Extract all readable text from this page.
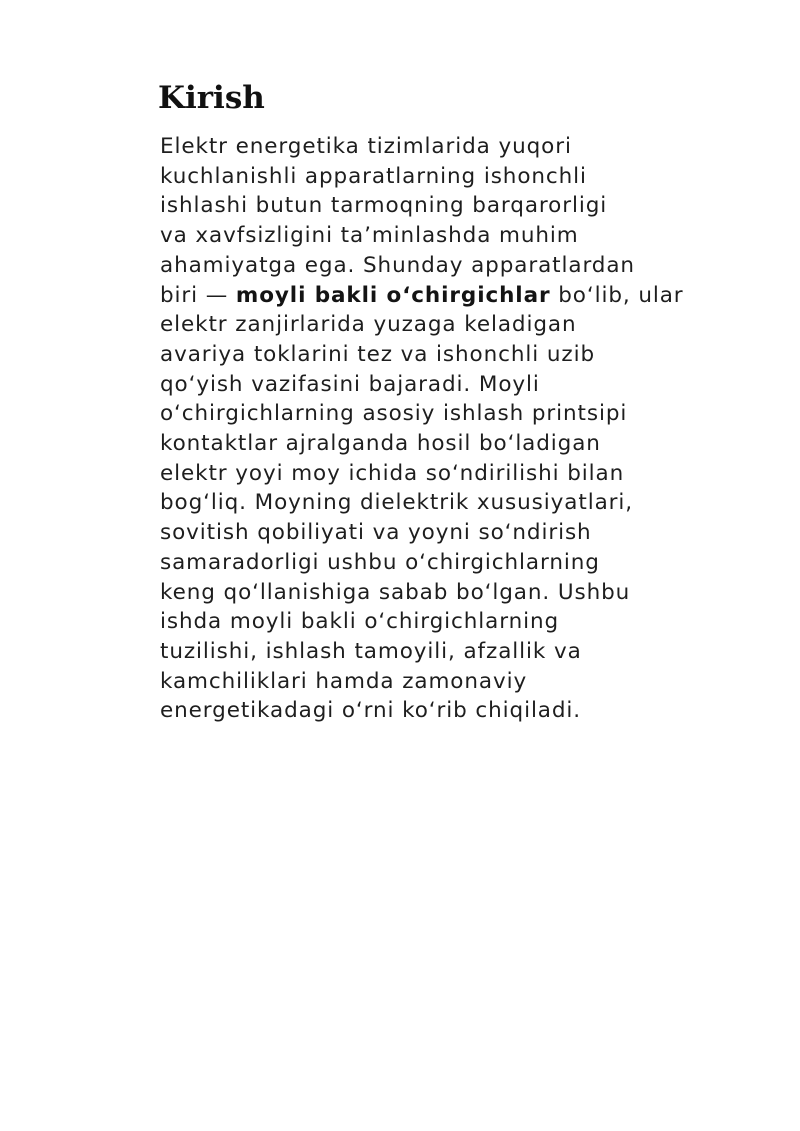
Kirish

Elektr energetika tizimlarida yuqori
kuchlanishli apparatlarning ishonchli
ishlashi butun tarmoqning barqarorligi
va xavfsizligini ta’minlashda muhim
ahamiyatga ega. Shunday apparatlardan
biri — moyli bakli o‘chirgichlar bo‘lib, ular
elektr zanjirlarida yuzaga keladigan
avariya toklarini tez va ishonchli uzib
qo‘yish vazifasini bajaradi. Moyli
o‘chirgichlarning asosiy ishlash printsipi
kontaktlar ajralganda hosil bo‘ladigan
elektr yoyi moy ichida so‘ndirilishi bilan
bog‘liq. Moyning dielektrik xususiyatlari,
sovitish qobiliyati va yoyni so‘ndirish
samaradorligi ushbu o‘chirgichlarning
keng qo‘llanishiga sabab bo‘lgan. Ushbu
ishda moyli bakli o‘chirgichlarning
tuzilishi, ishlash tamoyili, afzallik va
kamchiliklari hamda zamonaviy
energetikadagi o‘rni ko‘rib chiqiladi.
